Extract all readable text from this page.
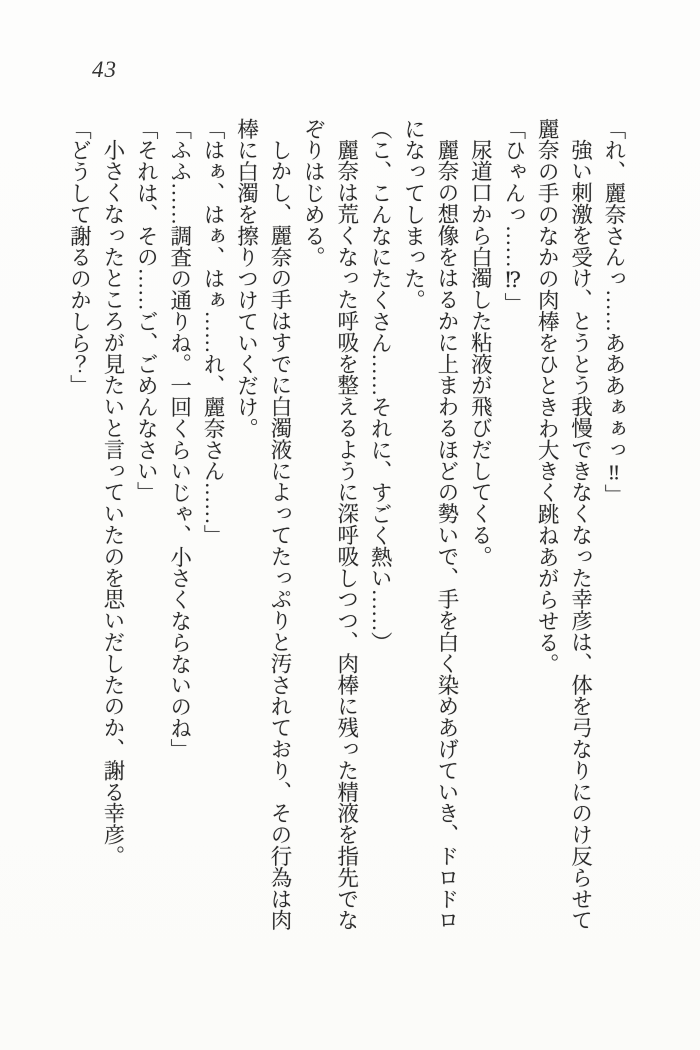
43

「れ、麗奈さんっ……あああぁぁっ‼」

強い刺激を受け、とうとう我慢できなくなった幸彦は、体を弓なりにのけ反らせて麗奈の手のなかの肉棒をひときわ大きく跳ねあがらせる。

「ひゃんっ……⁉」

尿道口から白濁した粘液が飛びだしてくる。

麗奈の想像をはるかに上まわるほどの勢いで、手を白く染めあげていき、ドロドロになってしまった。

（こ、こんなにたくさん……それに、すごく熱い……）

麗奈は荒くなった呼吸を整えるように深呼吸しつつ、肉棒に残った精液を指先でなぞりはじめる。

しかし、麗奈の手はすでに白濁液によってたっぷりと汚されており、その行為は肉棒に白濁を擦りつけていくだけ。

「はぁ、はぁ、はぁ……れ、麗奈さん……」

「ふふ……調査の通りね。一回くらいじゃ、小さくならないのね」

「それは、その……ご、ごめんなさい」

小さくなったところが見たいと言っていたのを思いだしたのか、謝る幸彦。

「どうして謝るのかしら？」
